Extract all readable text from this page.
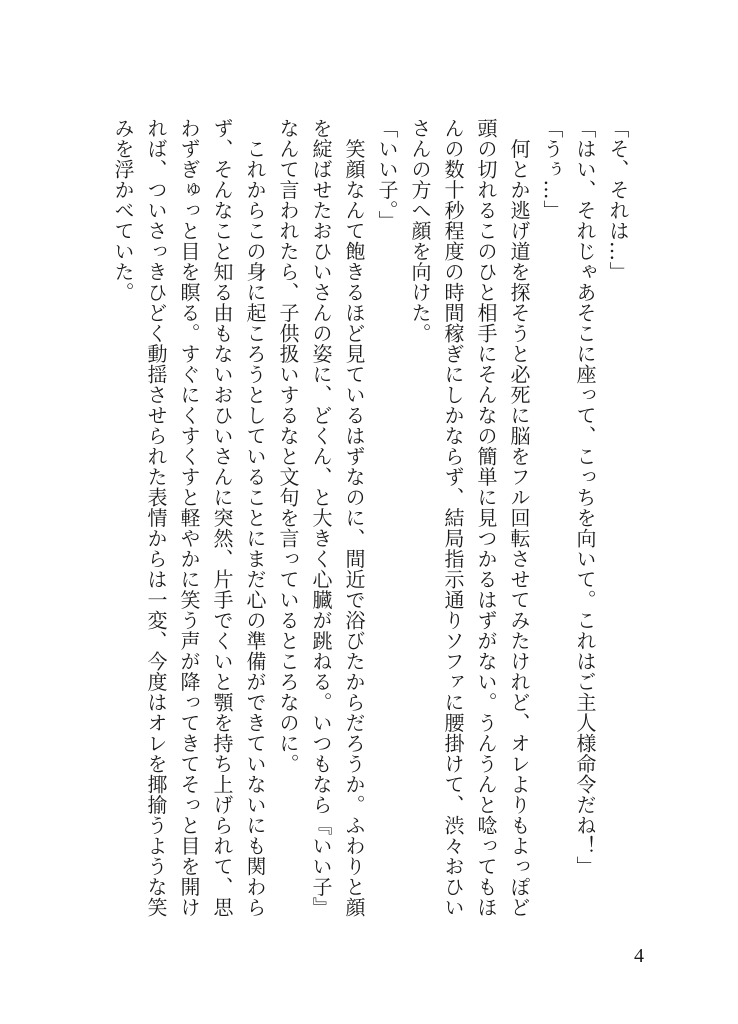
「そ、それは…」

「はい、それじゃあそこに座って、こっちを向いて。これはご主人様命令だね！」

「うぅ…」

　何とか逃げ道を探そうと必死に脳をフル回転させてみたけれど、オレよりもよっぽど

頭の切れるこのひと相手にそんなの簡単に見つかるはずがない。うんうんと唸ってもほ

んの数十秒程度の時間稼ぎにしかならず、結局指示通りソファに腰掛けて、渋々おひい

さんの方へ顔を向けた。

「いい子。」

　笑顔なんて飽きるほど見ているはずなのに、間近で浴びたからだろうか。ふわりと顔

を綻ばせたおひいさんの姿に、どくん、と大きく心臓が跳ねる。いつもなら『いい子』

なんて言われたら、子供扱いするなと文句を言っているところなのに。

　これからこの身に起ころうとしていることにまだ心の準備ができていないにも関わら

ず、そんなこと知る由もないおひいさんに突然、片手でくいと顎を持ち上げられて、思

わずぎゅっと目を瞑る。すぐにくすくすと軽やかに笑う声が降ってきてそっと目を開け

れば、ついさっきひどく動揺させられた表情からは一変、今度はオレを揶揄うような笑

みを浮かべていた。

4
